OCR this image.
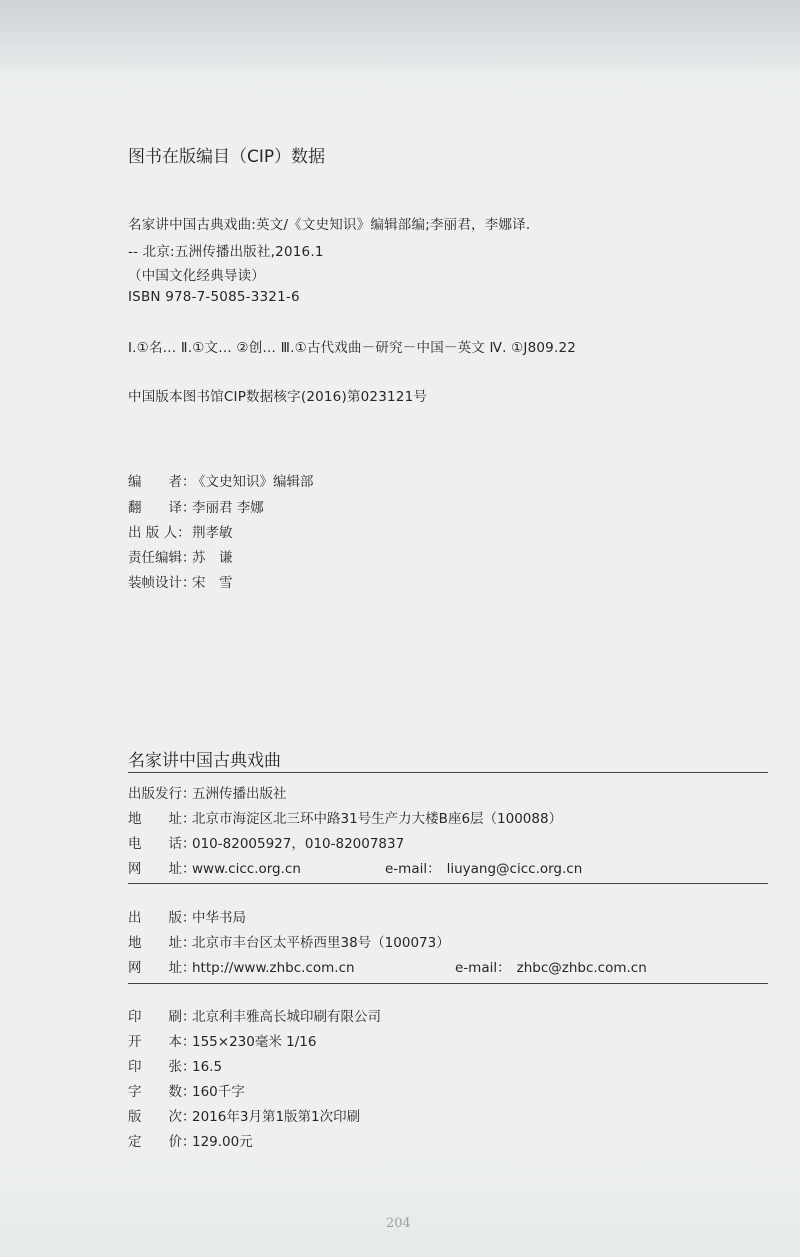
图书在版编目（CIP）数据
名家讲中国古典戏曲:英文/《文史知识》编辑部编;李丽君，李娜译.
-- 北京:五洲传播出版社,2016.1
（中国文化经典导读）
ISBN 978-7-5085-3321-6
Ⅰ.①名… Ⅱ.①文… ②创… Ⅲ.①古代戏曲－研究－中国－英文 Ⅳ. ①J809.22
中国版本图书馆CIP数据核字(2016)第023121号
编　　者：《文史知识》编辑部
翻　　译：李丽君 李娜
出 版 人：荆孝敏
责任编辑：苏　谦
装帧设计：宋　雪
名家讲中国古典戏曲
出版发行：五洲传播出版社
地　　址：北京市海淀区北三环中路31号生产力大楼B座6层（100088）
电　　话：010-82005927，010-82007837
网　　址：www.cicc.org.cn	e-mail： liuyang@cicc.org.cn
出　　版：中华书局
地　　址：北京市丰台区太平桥西里38号（100073）
网　　址：http://www.zhbc.com.cn	e-mail： zhbc@zhbc.com.cn
印　　刷：北京利丰雅高长城印刷有限公司
开　　本：155×230毫米 1/16
印　　张：16.5
字　　数：160千字
版　　次：2016年3月第1版第1次印刷
定　　价：129.00元
204
